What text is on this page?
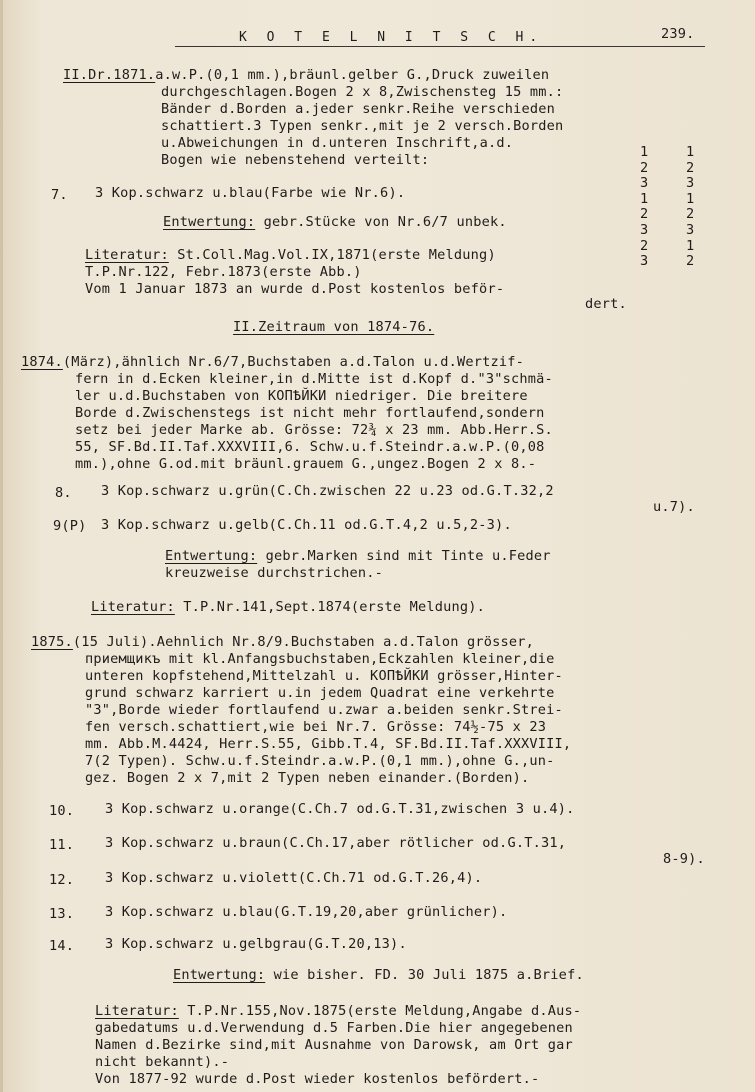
K O T E L N I T S C H.	239.
II.Dr.1871.a.w.P.(0,1 mm.),bräunl.gelber G.,Druck zuweilen
durchgeschlagen.Bogen 2 x 8,Zwischensteg 15 mm.:
Bänder d.Borden a.jeder senkr.Reihe verschieden
schattiert.3 Typen senkr.,mit je 2 versch.Borden
u.Abweichungen in d.unteren Inschrift,a.d.
Bogen wie nebenstehend verteilt:	1
2
3
1
2
3
2
3
1
2
3
1
2
3
1
2
7. 3 Kop.schwarz u.blau(Farbe wie Nr.6).
Entwertung: gebr.Stücke von Nr.6/7 unbek.
Literatur: St.Coll.Mag.Vol.IX,1871(erste Meldung)
T.P.Nr.122, Febr.1873(erste Abb.)
Vom 1 Januar 1873 an wurde d.Post kostenlos beför-
dert.
II.Zeitraum von 1874-76.
1874.(März),ähnlich Nr.6/7,Buchstaben a.d.Talon u.d.Wertzif-
fern in d.Ecken kleiner,in d.Mitte ist d.Kopf d."3"schmä-
ler u.d.Buchstaben von КОПѢЙКИ niedriger. Die breitere
Borde d.Zwischenstegs ist nicht mehr fortlaufend,sondern
setz bei jeder Marke ab. Grösse: 72¾ x 23 mm. Abb.Herr.S.
55, SF.Bd.II.Taf.XXXVIII,6. Schw.u.f.Steindr.a.w.P.(0,08
mm.),ohne G.od.mit bräunl.grauem G.,ungez.Bogen 2 x 8.-
8. 3 Kop.schwarz u.grün(C.Ch.zwischen 22 u.23 od.G.T.32,2
u.7).
9(P) 3 Kop.schwarz u.gelb(C.Ch.11 od.G.T.4,2 u.5,2-3).
Entwertung: gebr.Marken sind mit Tinte u.Feder
kreuzweise durchstrichen.-
Literatur: T.P.Nr.141,Sept.1874(erste Meldung).
1875.(15 Juli).Aehnlich Nr.8/9.Buchstaben a.d.Talon grösser,
приемщикъ mit kl.Anfangsbuchstaben,Eckzahlen kleiner,die
unteren kopfstehend,Mittelzahl u. КОПѢЙКИ grösser,Hinter-
grund schwarz karriert u.in jedem Quadrat eine verkehrte
"3",Borde wieder fortlaufend u.zwar a.beiden senkr.Strei-
fen versch.schattiert,wie bei Nr.7. Grösse: 74½-75 x 23
mm. Abb.M.4424, Herr.S.55, Gibb.T.4, SF.Bd.II.Taf.XXXVIII,
7(2 Typen). Schw.u.f.Steindr.a.w.P.(0,1 mm.),ohne G.,un-
gez. Bogen 2 x 7,mit 2 Typen neben einander.(Borden).
10. 3 Kop.schwarz u.orange(C.Ch.7 od.G.T.31,zwischen 3 u.4).
11. 3 Kop.schwarz u.braun(C.Ch.17,aber rötlicher od.G.T.31,
8-9).
12. 3 Kop.schwarz u.violett(C.Ch.71 od.G.T.26,4).
13. 3 Kop.schwarz u.blau(G.T.19,20,aber grünlicher).
14. 3 Kop.schwarz u.gelbgrau(G.T.20,13).
Entwertung: wie bisher. FD. 30 Juli 1875 a.Brief.
Literatur: T.P.Nr.155,Nov.1875(erste Meldung,Angabe d.Aus-
gabedatums u.d.Verwendung d.5 Farben.Die hier angegebenen
Namen d.Bezirke sind,mit Ausnahme von Darowsk, am Ort gar
nicht bekannt).-
Von 1877-92 wurde d.Post wieder kostenlos befördert.-
